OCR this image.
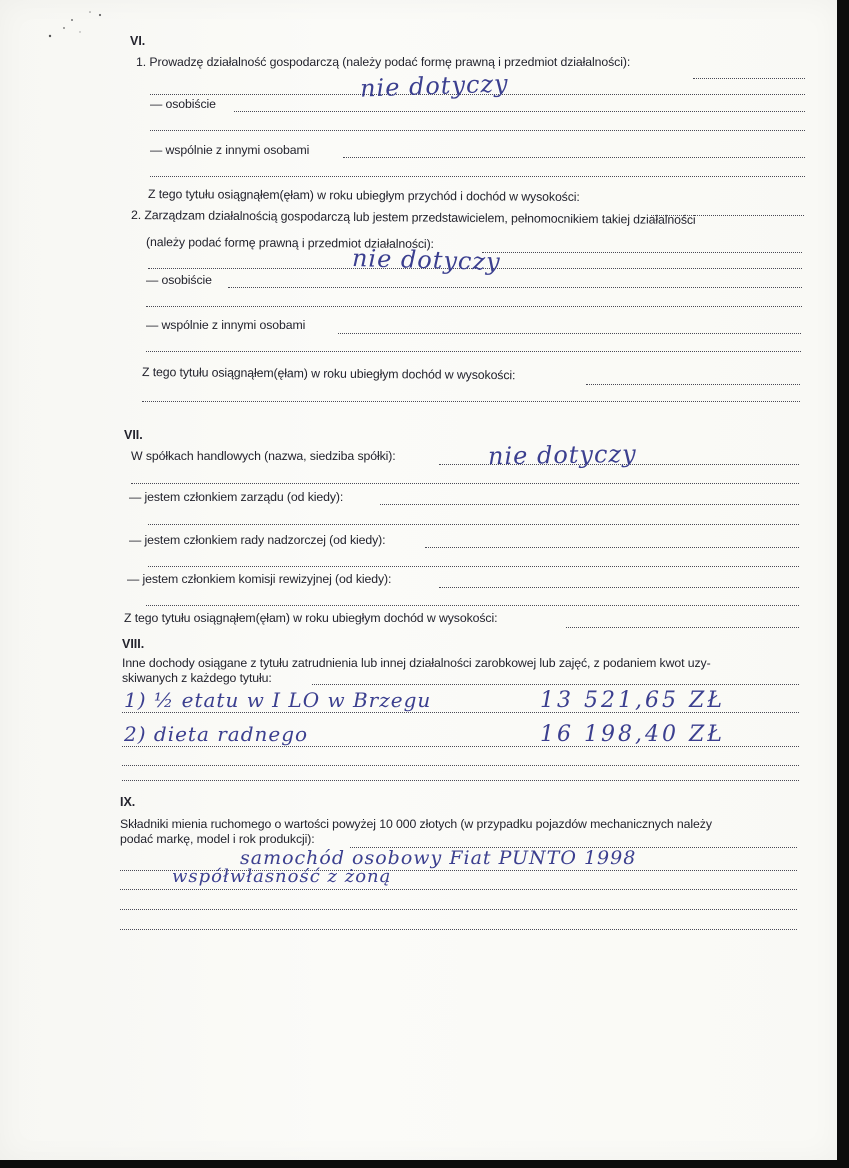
VI.
1. Prowadzę działalność gospodarczą (należy podać formę prawną i przedmiot działalności):
nie dotyczy
— osobiście
— wspólnie z innymi osobami
Z tego tytułu osiągnąłem(ęłam) w roku ubiegłym przychód i dochód w wysokości:
2. Zarządzam działalnością gospodarczą lub jestem przedstawicielem, pełnomocnikiem takiej działalności
(należy podać formę prawną i przedmiot działalności):
nie dotyczy
— osobiście
— wspólnie z innymi osobami
Z tego tytułu osiągnąłem(ęłam) w roku ubiegłym dochód w wysokości:
VII.
W spółkach handlowych (nazwa, siedziba spółki):	nie dotyczy
— jestem członkiem zarządu (od kiedy):
— jestem członkiem rady nadzorczej (od kiedy):
— jestem członkiem komisji rewizyjnej (od kiedy):
Z tego tytułu osiągnąłem(ęłam) w roku ubiegłym dochód w wysokości:
VIII.
Inne dochody osiągane z tytułu zatrudnienia lub innej działalności zarobkowej lub zajęć, z podaniem kwot uzy-
skiwanych z każdego tytułu:
1) ½ etatu w I LO w Brzegu	13 521,65 ZŁ
2) dieta radnego	16 198,40 ZŁ
IX.
Składniki mienia ruchomego o wartości powyżej 10 000 złotych (w przypadku pojazdów mechanicznych należy
podać markę, model i rok produkcji):
samochód osobowy Fiat PUNTO 1998
współwłasność z żoną
